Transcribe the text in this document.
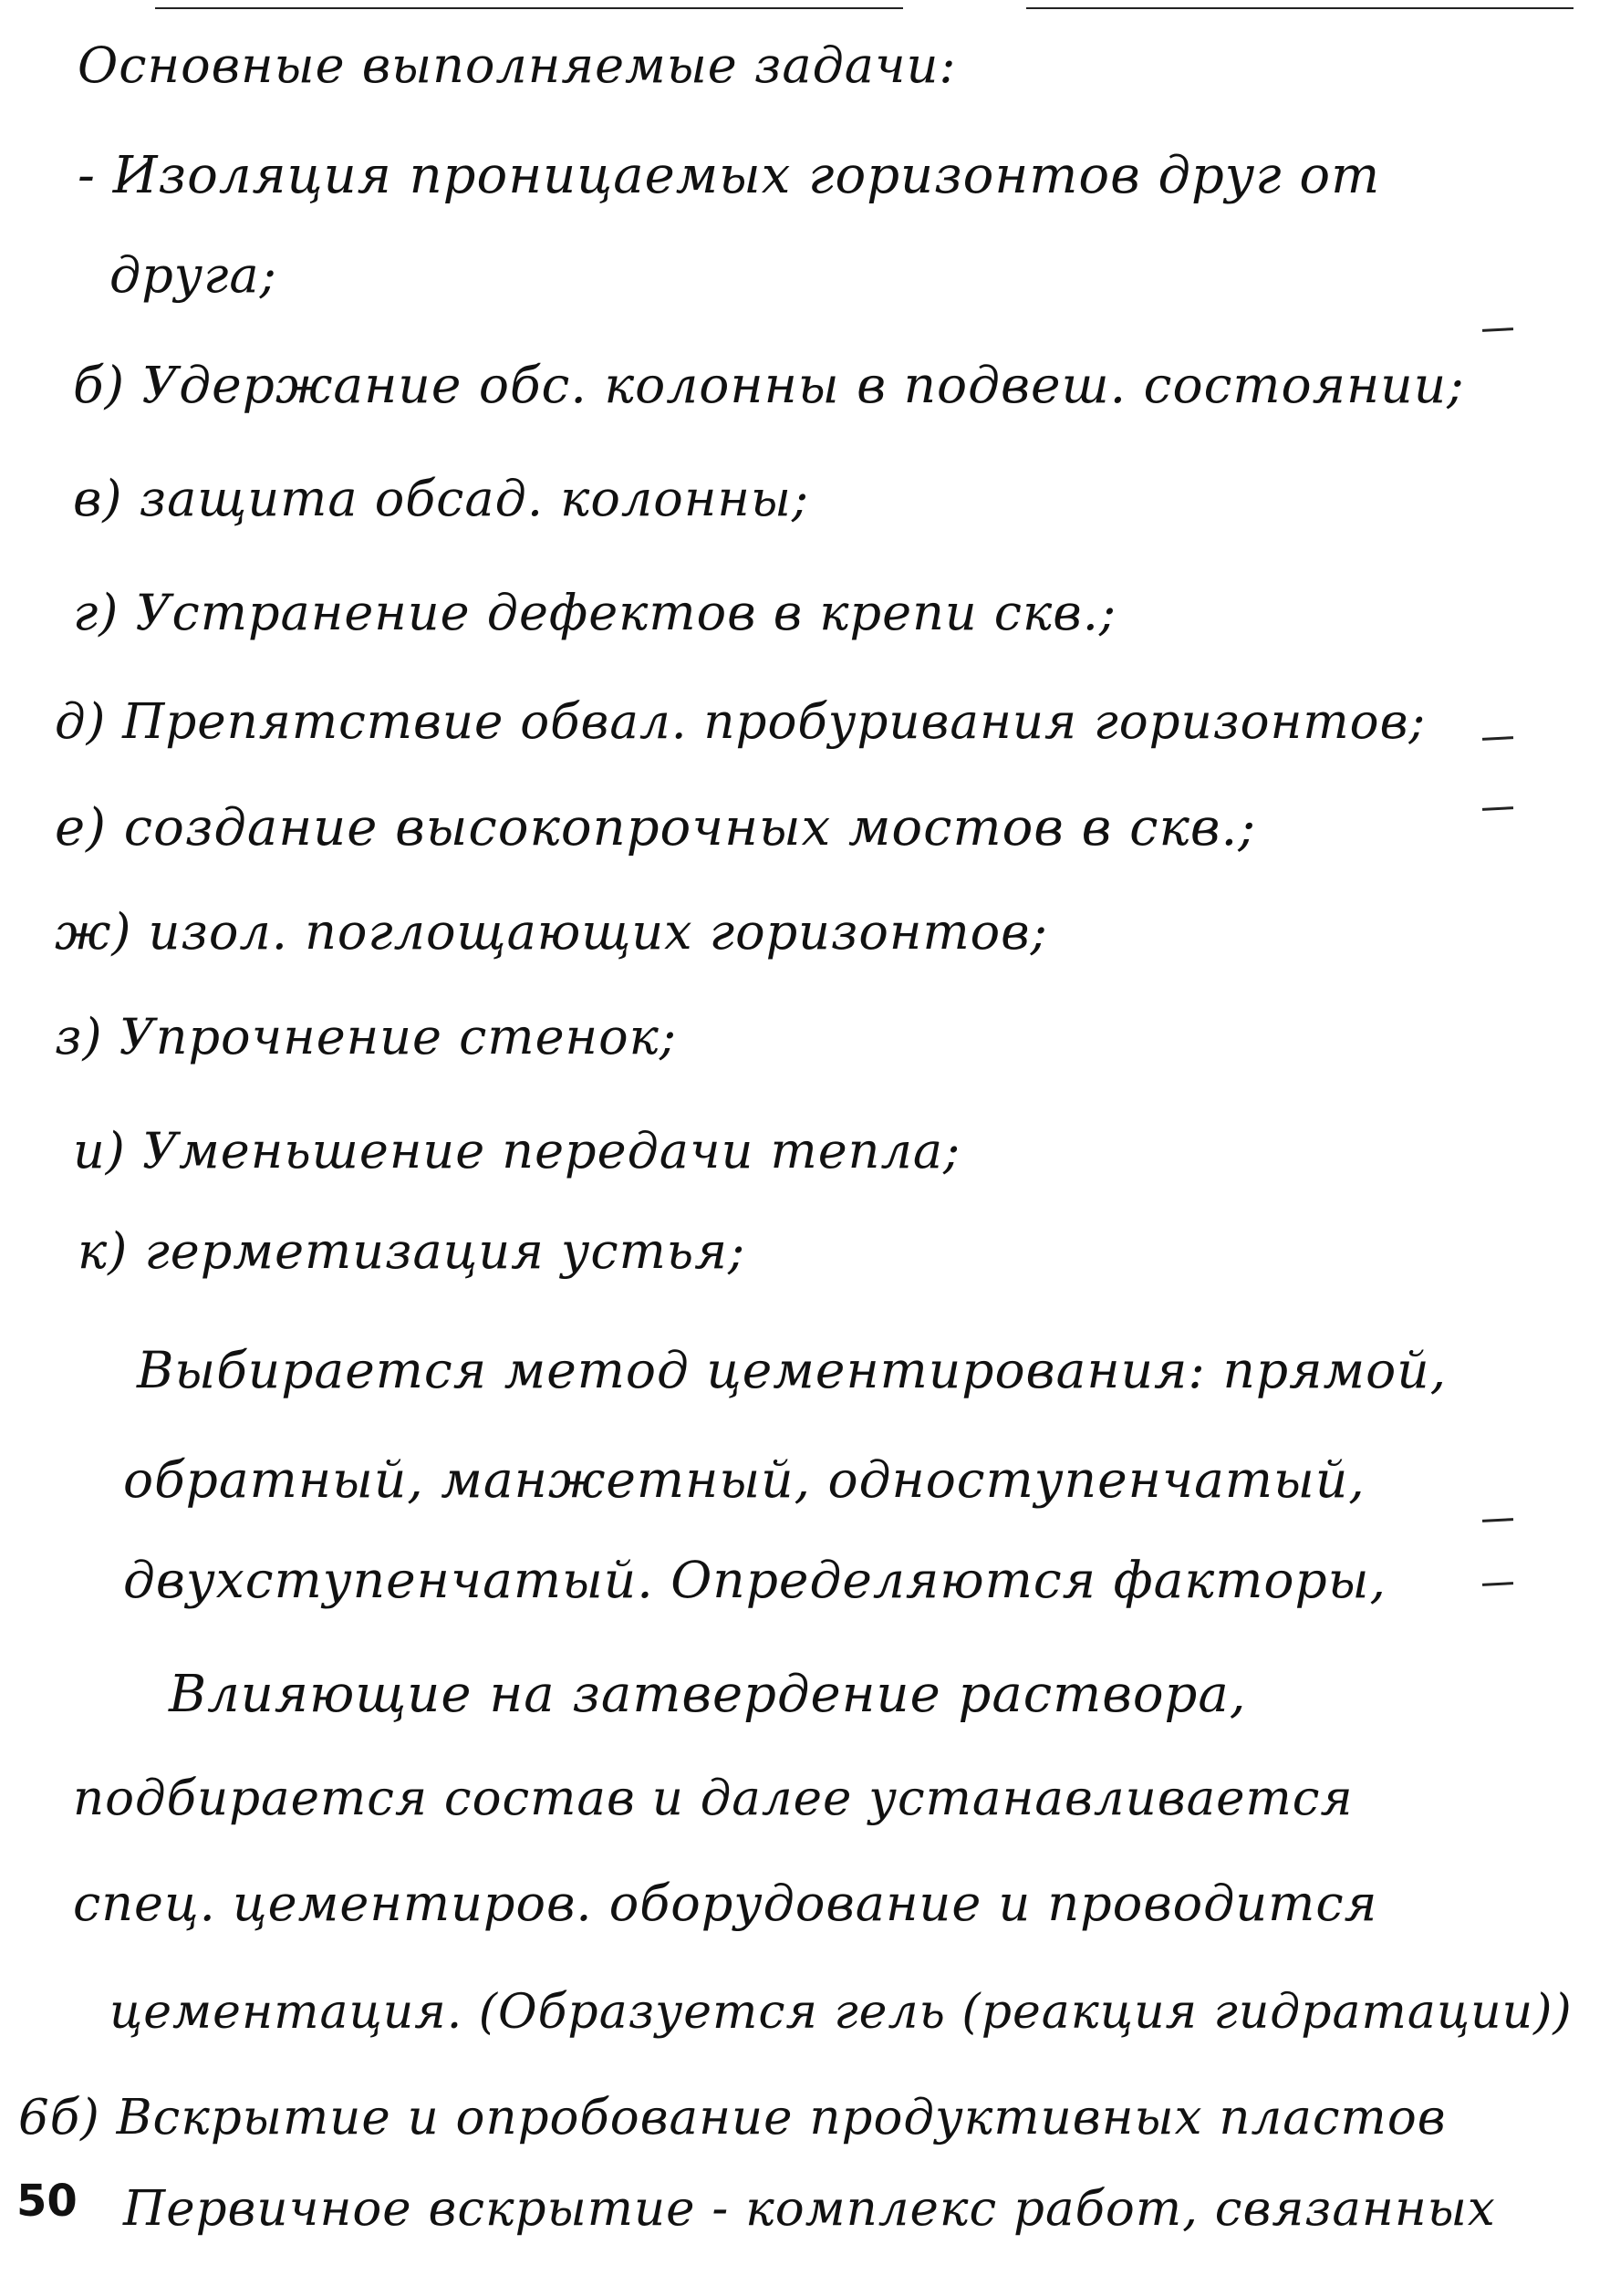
Основные выполняемые задачи:
- Изоляция проницаемых горизонтов друг от
друга;
б) Удержание обс. колонны в подвеш. состоянии;
в) защита обсад. колонны;
г) Устранение дефектов в крепи скв.;
д) Препятствие обвал. пробуривания горизонтов;
е) создание высокопрочных мостов в скв.;
ж) изол. поглощающих горизонтов;
з) Упрочнение стенок;
и) Уменьшение передачи тепла;
к) герметизация устья;
Выбирается метод цементирования: прямой,
обратный, манжетный, одноступенчатый,
двухступенчатый. Определяются факторы,
Влияющие на затвердение раствора,
подбирается состав и далее устанавливается
спец. цементиров. оборудование и проводится
цементация. (Образуется гель (реакция гидратации))
6б) Вскрытие и опробование продуктивных пластов
Первичное вскрытие - комплекс работ, связанных
50
